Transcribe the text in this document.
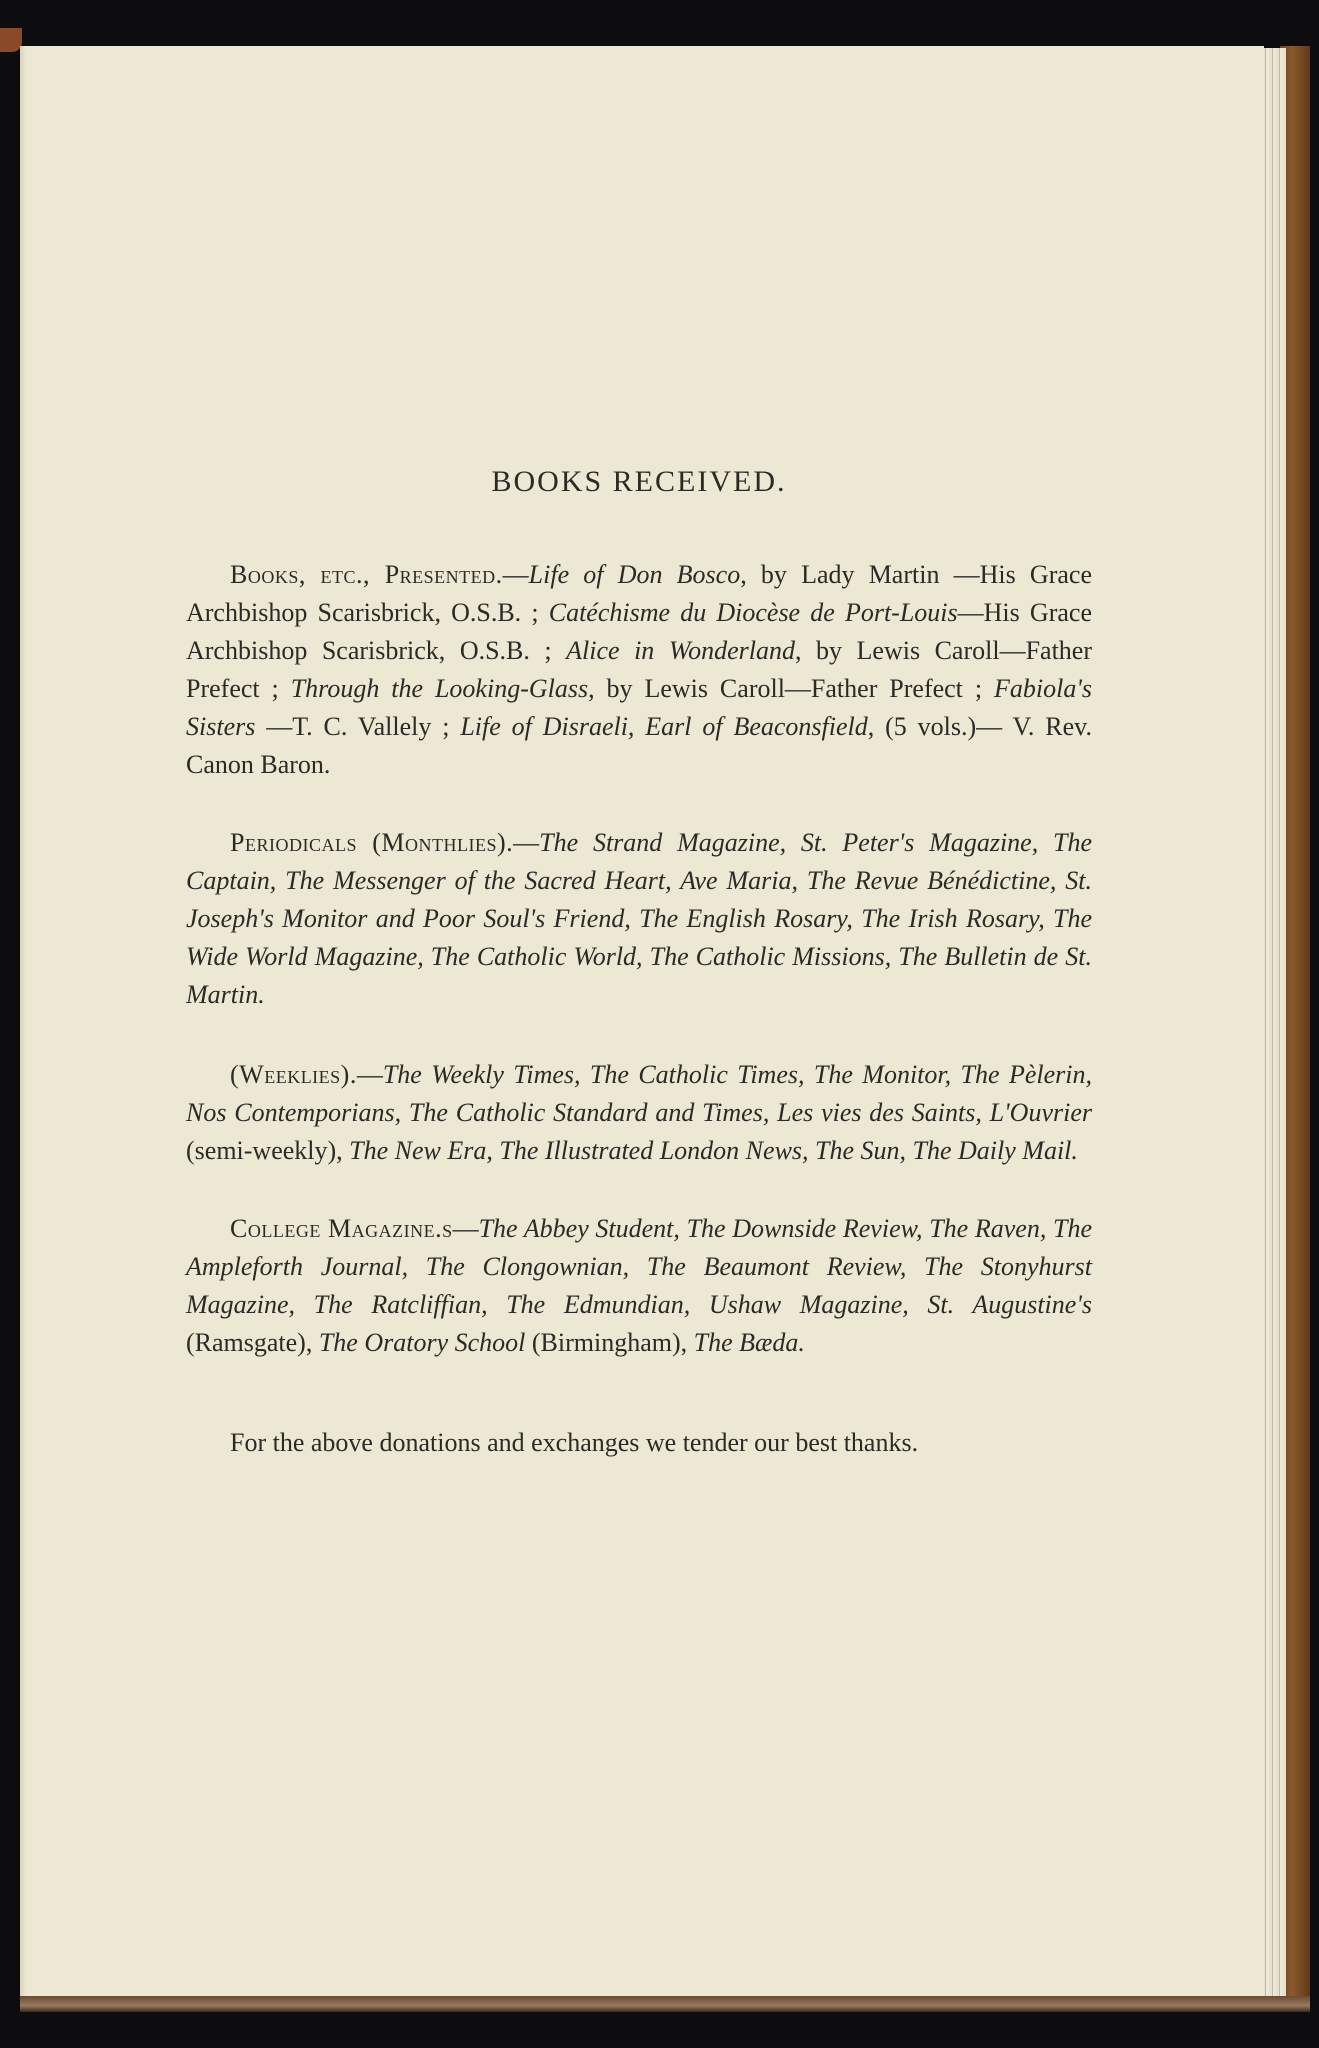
BOOKS RECEIVED.

Books, etc., Presented.—Life of Don Bosco, by Lady Martin —His Grace Archbishop Scarisbrick, O.S.B. ; Catéchisme du Diocèse de Port-Louis—His Grace Archbishop Scarisbrick, O.S.B. ; Alice in Wonderland, by Lewis Caroll—Father Prefect ; Through the Looking-Glass, by Lewis Caroll—Father Prefect ; Fabiola's Sisters —T. C. Vallely ; Life of Disraeli, Earl of Beaconsfield, (5 vols.)— V. Rev. Canon Baron.

Periodicals (Monthlies).—The Strand Magazine, St. Peter's Magazine, The Captain, The Messenger of the Sacred Heart, Ave Maria, The Revue Bénédictine, St. Joseph's Monitor and Poor Soul's Friend, The English Rosary, The Irish Rosary, The Wide World Magazine, The Catholic World, The Catholic Missions, The Bulletin de St. Martin.

(Weeklies).—The Weekly Times, The Catholic Times, The Monitor, The Pèlerin, Nos Contemporians, The Catholic Standard and Times, Les vies des Saints, L'Ouvrier (semi-weekly), The New Era, The Illustrated London News, The Sun, The Daily Mail.

College Magazine.s—The Abbey Student, The Downside Review, The Raven, The Ampleforth Journal, The Clongownian, The Beaumont Review, The Stonyhurst Magazine, The Ratcliffian, The Edmundian, Ushaw Magazine, St. Augustine's (Ramsgate), The Oratory School (Birmingham), The Bæda.

For the above donations and exchanges we tender our best thanks.
